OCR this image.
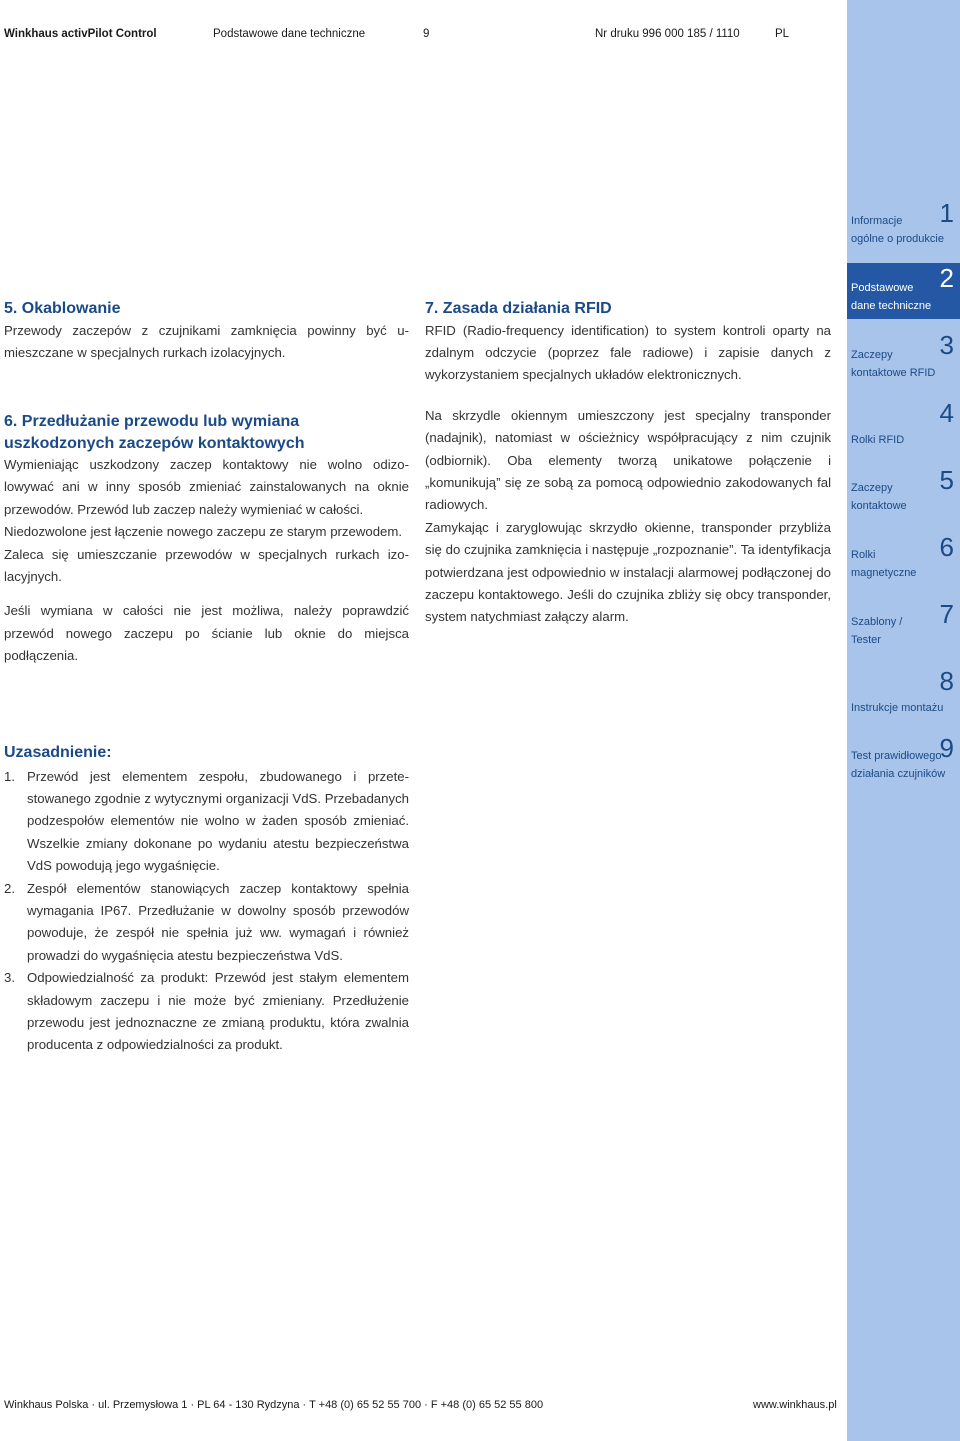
Winkhaus activPilot Control	Podstawowe dane techniczne	9	Nr druku 996 000 185 / 1110	PL
5. Okablowanie

Przewody zaczepów z czujnikami zamknięcia powinny być umieszczane w specjalnych rurkach izolacyjnych.

6. Przedłużanie przewodu lub wymiana uszkodzonych zaczepów kontaktowych

Wymieniając uszkodzony zaczep kontaktowy nie wolno odizolowywać ani w inny sposób zmieniać zainstalowanych na oknie przewodów. Przewód lub zaczep należy wymieniać w całości.

Niedozwolone jest łączenie nowego zaczepu ze starym przewodem.

Zaleca się umieszczanie przewodów w specjalnych rurkach izolacyjnych.

Jeśli wymiana w całości nie jest możliwa, należy poprawdzić przewód nowego zaczepu po ścianie lub oknie do miejsca podłączenia.

Uzasadnienie:
1. Przewód jest elementem zespołu, zbudowanego i przetestowanego zgodnie z wytycznymi organizacji VdS. Przebadanych podzespołów elementów nie wolno w żaden sposób zmieniać. Wszelkie zmiany dokonane po wydaniu atestu bezpieczeństwa VdS powodują jego wygaśnięcie.
2. Zespół elementów stanowiących zaczep kontaktowy spełnia wymagania IP67. Przedłużanie w dowolny sposób przewodów powoduje, że zespół nie spełnia już ww. wymagań i również prowadzi do wygaśnięcia atestu bezpieczeństwa VdS.
3. Odpowiedzialność za produkt: Przewód jest stałym elementem składowym zaczepu i nie może być zmieniany. Przedłużenie przewodu jest jednoznaczne ze zmianą produktu, która zwalnia producenta z odpowiedzialności za produkt.
7. Zasada działania RFID

RFID (Radio-frequency identification) to system kontroli oparty na zdalnym odczycie (poprzez fale radiowe) i zapisie danych z wykorzystaniem specjalnych układów elektronicznych.

Na skrzydle okiennym umieszczony jest specjalny transponder (nadajnik), natomiast w ościeżnicy współpracujący z nim czujnik (odbiornik). Oba elementy tworzą unikatowe połączenie i „komunikują” się ze sobą za pomocą odpowiednio zakodowanych fal radiowych.

Zamykając i zaryglowując skrzydło okienne, transponder przybliża się do czujnika zamknięcia i następuje „rozpoznanie”. Ta identyfikacja potwierdzana jest odpowiednio w instalacji alarmowej podłączonej do zaczepu kontaktowego. Jeśli do czujnika zbliży się obcy transponder, system natychmiast załączy alarm.

Informacje
ogólne o produkcie
1
Podstawowe
dane techniczne
2
Zaczepy
kontaktowe RFID
3
Rolki RFID
4
Zaczepy
kontaktowe
5
Rolki
magnetyczne
6
Szablony /
Tester
7
Instrukcje montażu
8
Test prawidłowego
działania czujników
9
Winkhaus Polska · ul. Przemysłowa 1 · PL 64 - 130 Rydzyna · T +48 (0) 65 52 55 700 · F +48 (0) 65 52 55 800	www.winkhaus.pl
